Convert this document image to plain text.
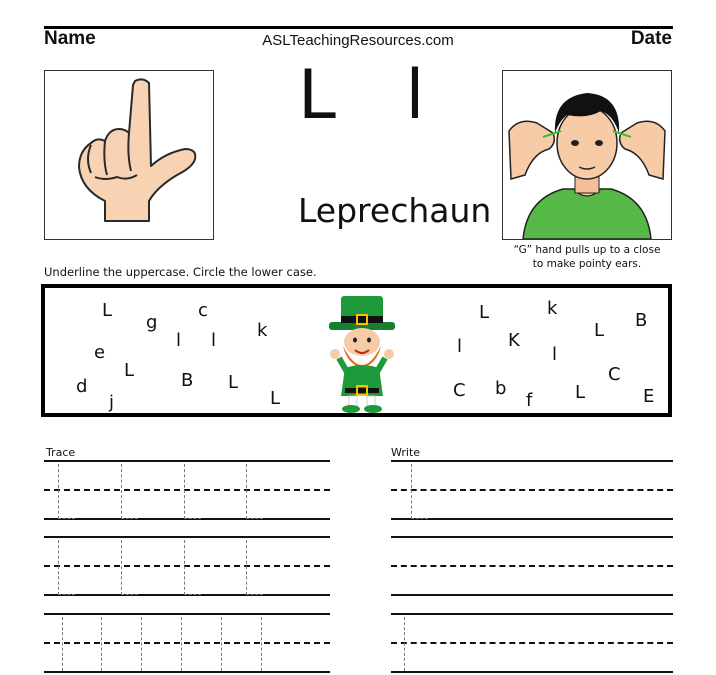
Name	ASLTeachingResources.com	Date
L l
Leprechaun
“G” hand pulls up to a close
to make pointy ears.
Underline the uppercase. Circle the lower case.
L
g
c
l l k
e
L
d
j
B L
L
L	k
B
l	K	L
l
C b
C
f L	E
Trace	Write
